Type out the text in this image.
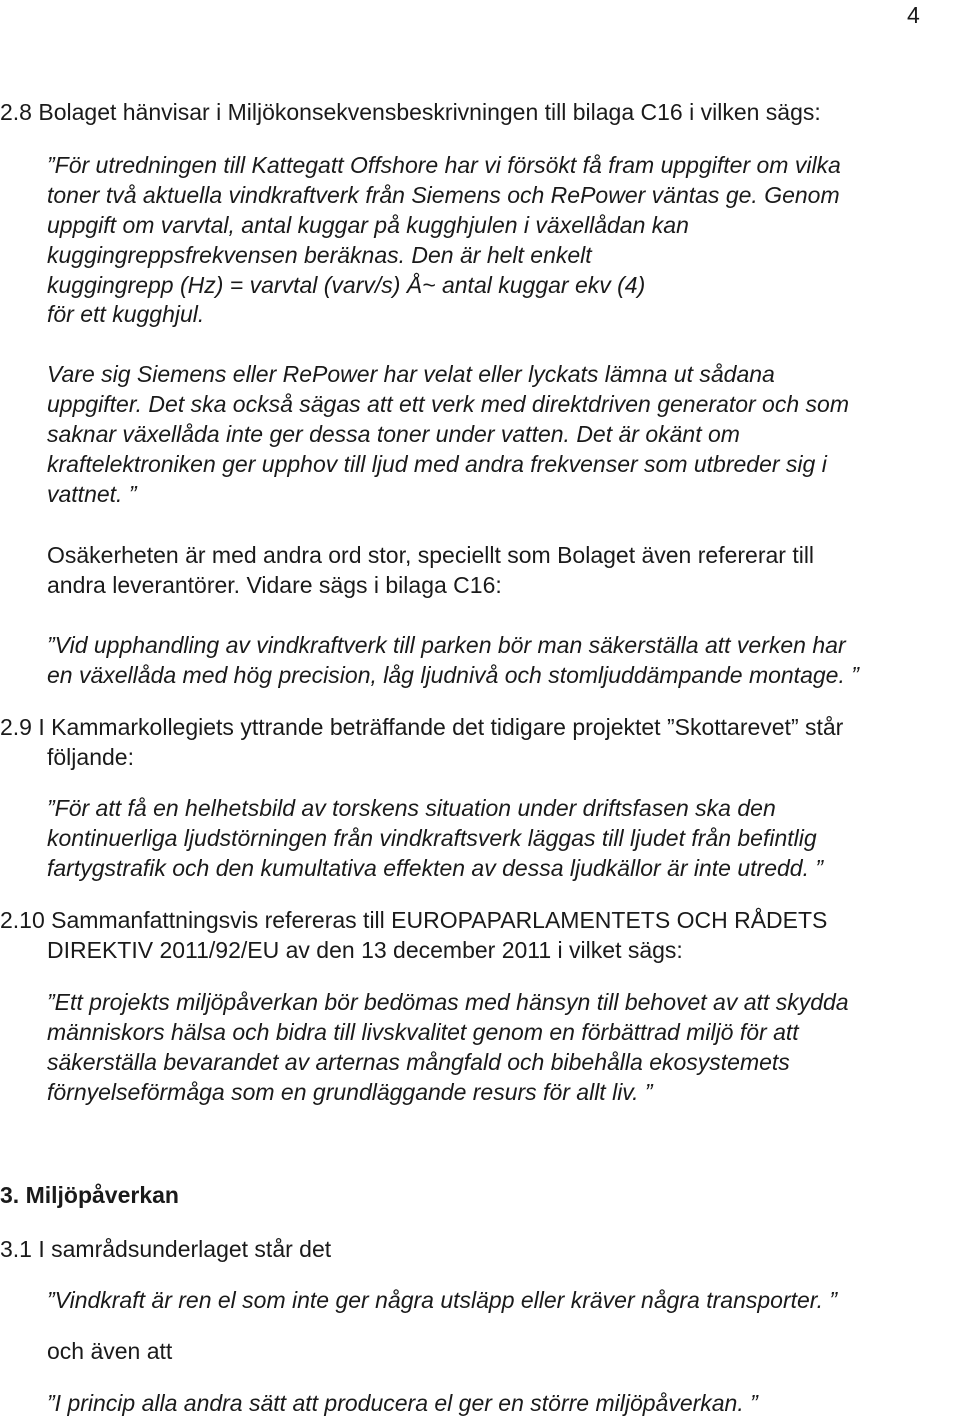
4
2.8 Bolaget hänvisar i Miljökonsekvensbeskrivningen till bilaga C16 i vilken sägs:
”För utredningen till Kattegatt Offshore har vi försökt få fram uppgifter om vilka
toner två aktuella vindkraftverk från Siemens och RePower väntas ge. Genom
uppgift om varvtal, antal kuggar på kugghjulen i växellådan kan
kuggingreppsfrekvensen beräknas. Den är helt enkelt
kuggingrepp (Hz) = varvtal (varv/s) Å~ antal kuggar ekv (4)
för ett kugghjul.
Vare sig Siemens eller RePower har velat eller lyckats lämna ut sådana
uppgifter. Det ska också sägas att ett verk med direktdriven generator och som
saknar växellåda inte ger dessa toner under vatten. Det är okänt om
kraftelektroniken ger upphov till ljud med andra frekvenser som utbreder sig i
vattnet. ”
Osäkerheten är med andra ord stor, speciellt som Bolaget även refererar till
andra leverantörer. Vidare sägs i bilaga C16:
”Vid upphandling av vindkraftverk till parken bör man säkerställa att verken har
en växellåda med hög precision, låg ljudnivå och stomljuddämpande montage. ”
2.9 I Kammarkollegiets yttrande beträffande det tidigare projektet ”Skottarevet” står
följande:
”För att få en helhetsbild av torskens situation under driftsfasen ska den
kontinuerliga ljudstörningen från vindkraftsverk läggas till ljudet från befintlig
fartygstrafik och den kumultativa effekten av dessa ljudkällor är inte utredd. ”
2.10 Sammanfattningsvis refereras till EUROPAPARLAMENTETS OCH RÅDETS
DIREKTIV 2011/92/EU av den 13 december 2011 i vilket sägs:
”Ett projekts miljöpåverkan bör bedömas med hänsyn till behovet av att skydda
människors hälsa och bidra till livskvalitet genom en förbättrad miljö för att
säkerställa bevarandet av arternas mångfald och bibehålla ekosystemets
förnyelseförmåga som en grundläggande resurs för allt liv. ”
3. Miljöpåverkan
3.1 I samrådsunderlaget står det
”Vindkraft är ren el som inte ger några utsläpp eller kräver några transporter. ”
och även att
”I princip alla andra sätt att producera el ger en större miljöpåverkan. ”
